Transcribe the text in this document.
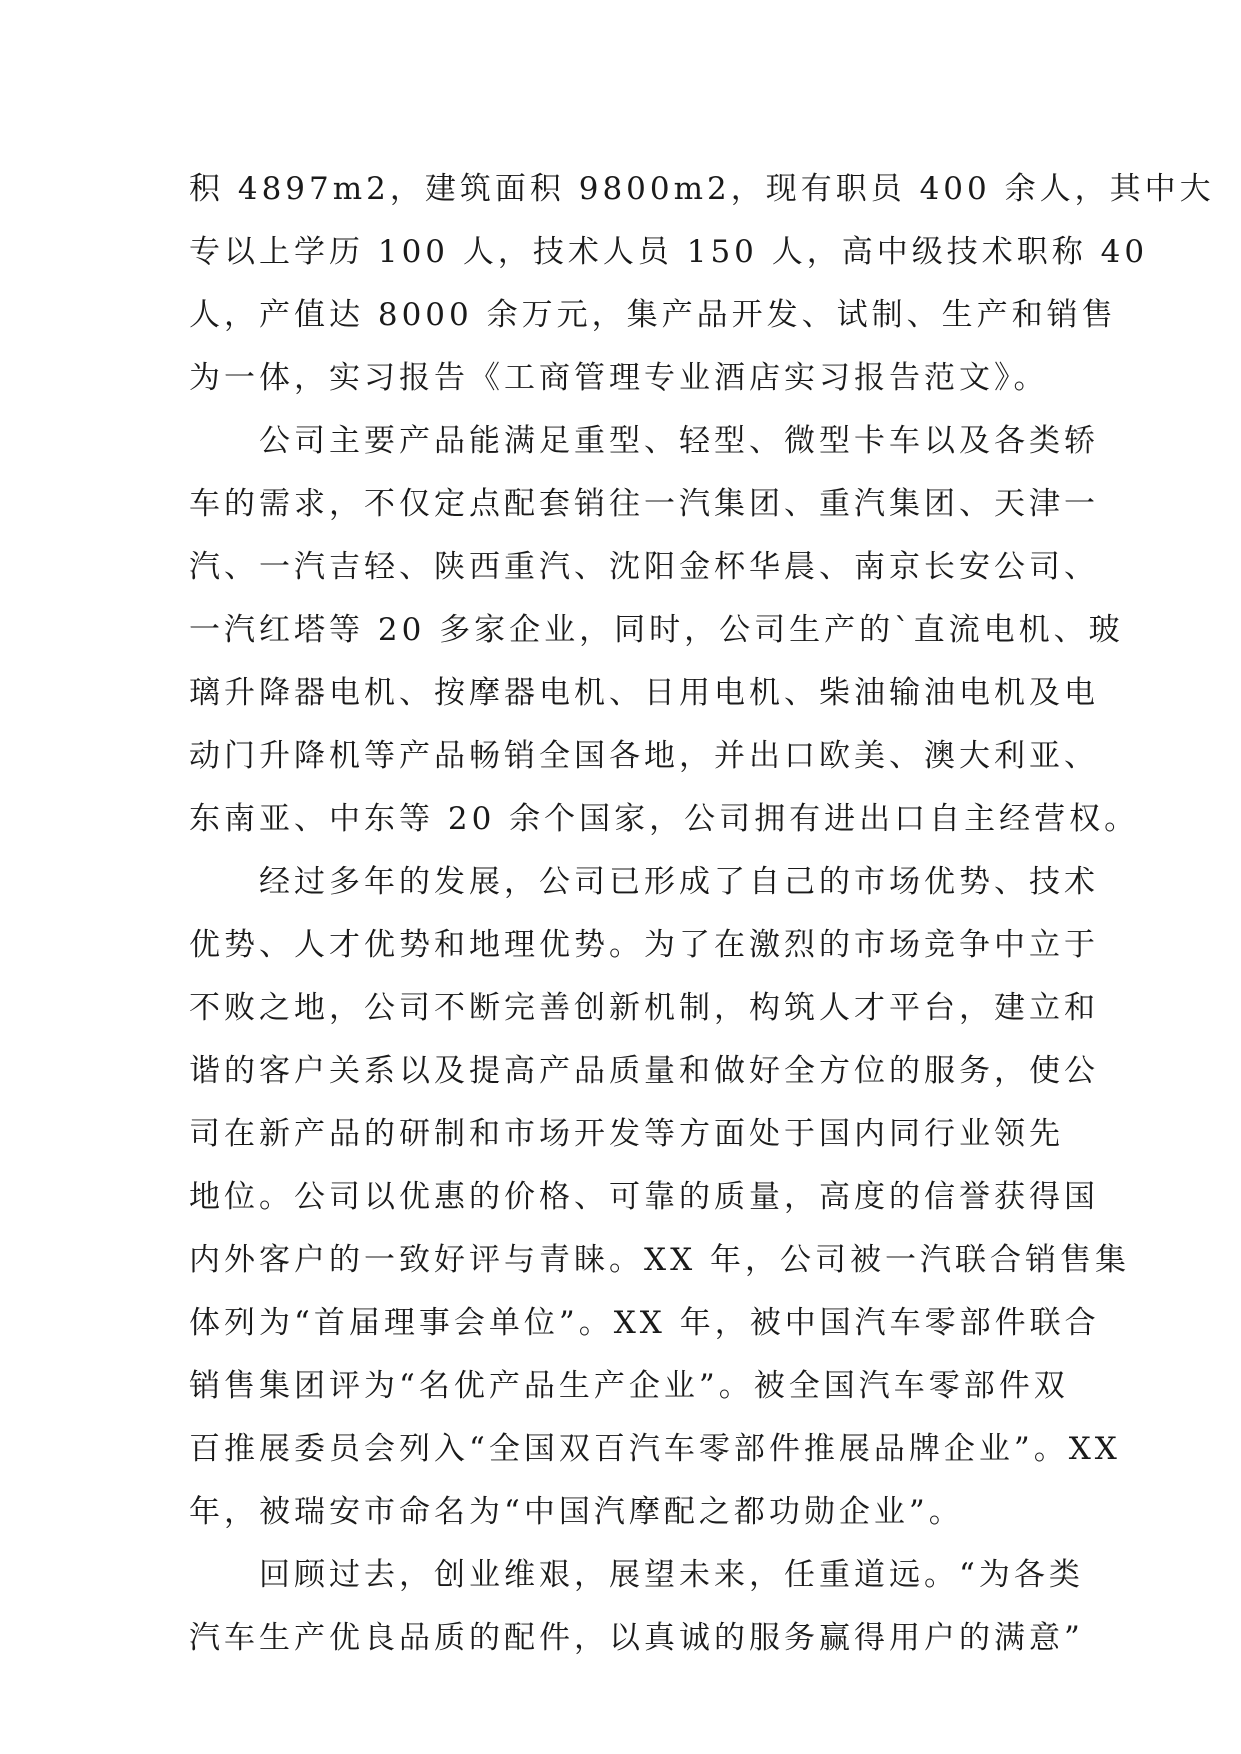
积 4897m2，建筑面积 9800m2，现有职员 400 余人，其中大
专以上学历 100 人，技术人员 150 人，高中级技术职称 40
人，产值达 8000 余万元，集产品开发、试制、生产和销售
为一体，实习报告《工商管理专业酒店实习报告范文》。
　　公司主要产品能满足重型、轻型、微型卡车以及各类轿
车的需求，不仅定点配套销往一汽集团、重汽集团、天津一
汽、一汽吉轻、陕西重汽、沈阳金杯华晨、南京长安公司、
一汽红塔等 20 多家企业，同时，公司生产的`直流电机、玻
璃升降器电机、按摩器电机、日用电机、柴油输油电机及电
动门升降机等产品畅销全国各地，并出口欧美、澳大利亚、
东南亚、中东等 20 余个国家，公司拥有进出口自主经营权。
　　经过多年的发展，公司已形成了自己的市场优势、技术
优势、人才优势和地理优势。为了在激烈的市场竞争中立于
不败之地，公司不断完善创新机制，构筑人才平台，建立和
谐的客户关系以及提高产品质量和做好全方位的服务，使公
司在新产品的研制和市场开发等方面处于国内同行业领先
地位。公司以优惠的价格、可靠的质量，高度的信誉获得国
内外客户的一致好评与青睐。XX 年，公司被一汽联合销售集
体列为“首届理事会单位”。XX 年，被中国汽车零部件联合
销售集团评为“名优产品生产企业”。被全国汽车零部件双
百推展委员会列入“全国双百汽车零部件推展品牌企业”。XX
年，被瑞安市命名为“中国汽摩配之都功勋企业”。
　　回顾过去，创业维艰，展望未来，任重道远。“为各类
汽车生产优良品质的配件，以真诚的服务赢得用户的满意”
